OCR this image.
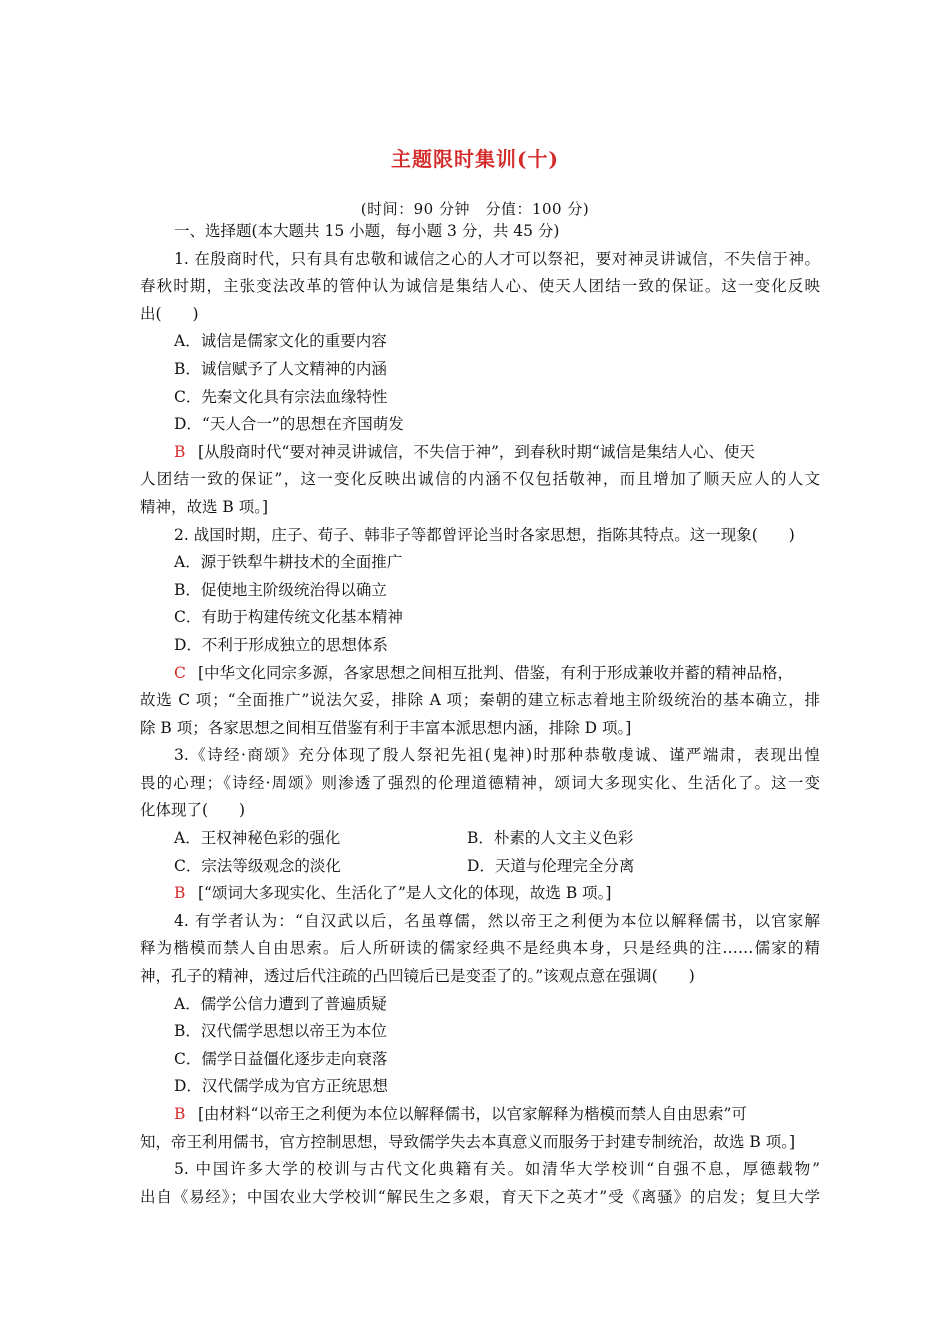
主题限时集训(十)
(时间：90 分钟　分值：100 分)
一、选择题(本大题共 15 小题，每小题 3 分，共 45 分)
1. 在殷商时代，只有具有忠敬和诚信之心的人才可以祭祀，要对神灵讲诚信，不失信于神。
春秋时期，主张变法改革的管仲认为诚信是集结人心、使天人团结一致的保证。这一变化反映
出(　　)
A．诚信是儒家文化的重要内容
B．诚信赋予了人文精神的内涵
C．先秦文化具有宗法血缘特性
D．“天人合一”的思想在齐国萌发
B [从殷商时代“要对神灵讲诚信，不失信于神”，到春秋时期“诚信是集结人心、使天
人团结一致的保证”，这一变化反映出诚信的内涵不仅包括敬神，而且增加了顺天应人的人文
精神，故选 B 项。]
2. 战国时期，庄子、荀子、韩非子等都曾评论当时各家思想，指陈其特点。这一现象(　　)
A．源于铁犁牛耕技术的全面推广
B．促使地主阶级统治得以确立
C．有助于构建传统文化基本精神
D．不利于形成独立的思想体系
C [中华文化同宗多源，各家思想之间相互批判、借鉴，有利于形成兼收并蓄的精神品格，
故选 C 项；“全面推广”说法欠妥，排除 A 项；秦朝的建立标志着地主阶级统治的基本确立，排
除 B 项；各家思想之间相互借鉴有利于丰富本派思想内涵，排除 D 项。]
3.《诗经·商颂》充分体现了殷人祭祀先祖(鬼神)时那种恭敬虔诚、谨严端肃，表现出惶
畏的心理；《诗经·周颂》则渗透了强烈的伦理道德精神，颂词大多现实化、生活化了。这一变
化体现了(　　)
A．王权神秘色彩的强化	B．朴素的人文主义色彩
C．宗法等级观念的淡化	D．天道与伦理完全分离
B [“颂词大多现实化、生活化了”是人文化的体现，故选 B 项。]
4. 有学者认为：“自汉武以后，名虽尊儒，然以帝王之利便为本位以解释儒书，以官家解
释为楷模而禁人自由思索。后人所研读的儒家经典不是经典本身，只是经典的注……儒家的精
神，孔子的精神，透过后代注疏的凸凹镜后已是变歪了的。”该观点意在强调(　　)
A．儒学公信力遭到了普遍质疑
B．汉代儒学思想以帝王为本位
C．儒学日益僵化逐步走向衰落
D．汉代儒学成为官方正统思想
B [由材料“以帝王之利便为本位以解释儒书，以官家解释为楷模而禁人自由思索”可
知，帝王利用儒书，官方控制思想，导致儒学失去本真意义而服务于封建专制统治，故选 B 项。]
5. 中国许多大学的校训与古代文化典籍有关。如清华大学校训“自强不息，厚德载物”
出自《易经》；中国农业大学校训“解民生之多艰，育天下之英才”受《离骚》的启发；复旦大学
